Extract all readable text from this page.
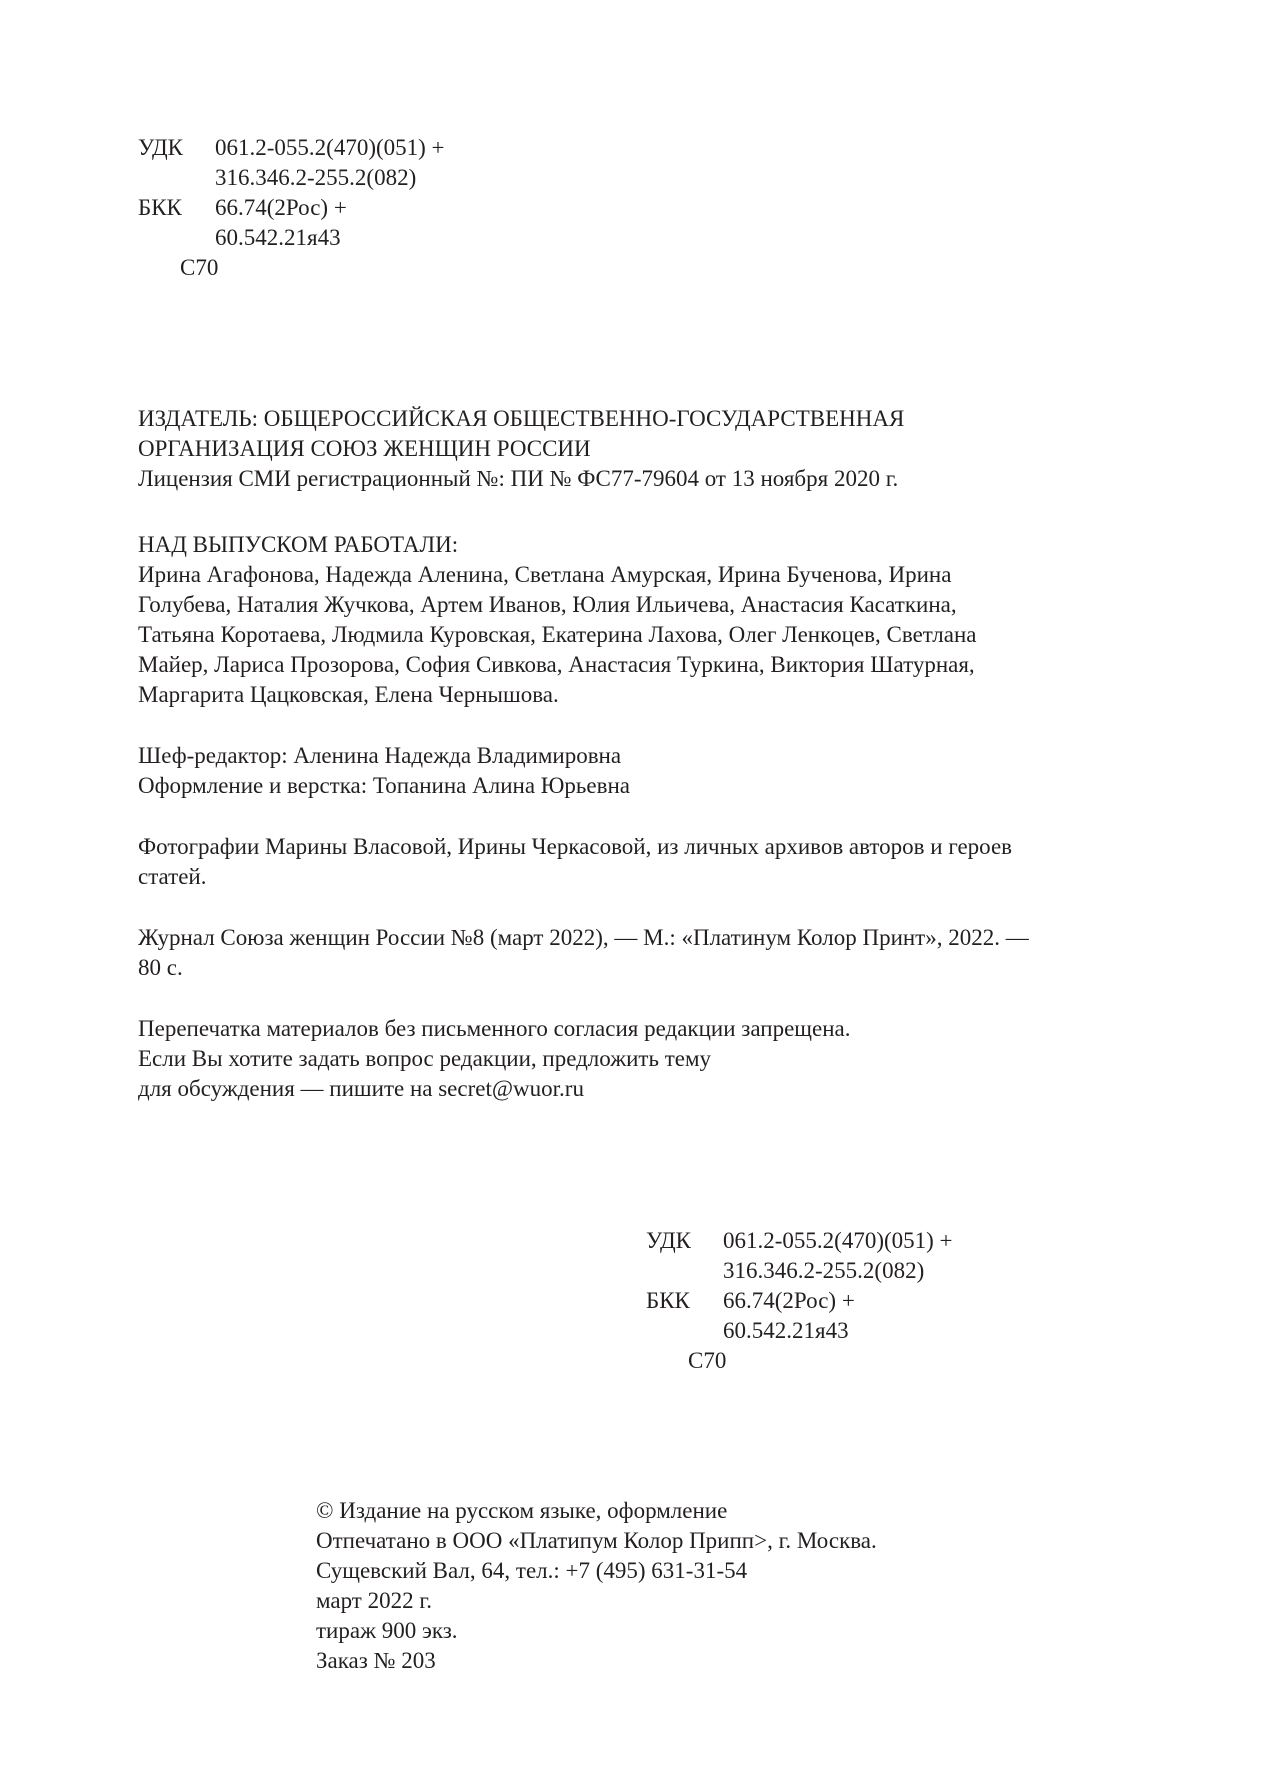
УДК 061.2-055.2(470)(051) +
316.346.2-255.2(082)
БКК 66.74(2Рос) +
60.542.21я43
С70
ИЗДАТЕЛЬ: ОБЩЕРОССИЙСКАЯ ОБЩЕСТВЕННО-ГОСУДАРСТВЕННАЯ
ОРГАНИЗАЦИЯ СОЮЗ ЖЕНЩИН РОССИИ
Лицензия СМИ регистрационный №: ПИ № ФС77-79604 от 13 ноября 2020 г.
НАД ВЫПУСКОМ РАБОТАЛИ:
Ирина Агафонова, Надежда Аленина, Светлана Амурская, Ирина Бученова, Ирина
Голубева, Наталия Жучкова, Артем Иванов, Юлия Ильичева, Анастасия Касаткина,
Татьяна Коротаева, Людмила Куровская, Екатерина Лахова, Олег Ленкоцев, Светлана
Майер, Лариса Прозорова, София Сивкова, Анастасия Туркина, Виктория Шатурная,
Маргарита Цацковская, Елена Чернышова.
Шеф-редактор: Аленина Надежда Владимировна
Оформление и верстка: Топанина Алина Юрьевна
Фотографии Марины Власовой, Ирины Черкасовой, из личных архивов авторов и героев
статей.
Журнал Союза женщин России №8 (март 2022), — М.: «Платинум Колор Принт», 2022. —
80 с.
Перепечатка материалов без письменного согласия редакции запрещена.
Если Вы хотите задать вопрос редакции, предложить тему
для обсуждения — пишите на secret@wuor.ru
УДК 061.2-055.2(470)(051) +
316.346.2-255.2(082)
БКК 66.74(2Рос) +
60.542.21я43
С70
© Издание на русском языке, оформление
Отпечатано в ООО «Платипум Колор Припп>, г. Москва.
Сущевский Вал, 64, тел.: +7 (495) 631-31-54
март 2022 г.
тираж 900 экз.
Заказ № 203
